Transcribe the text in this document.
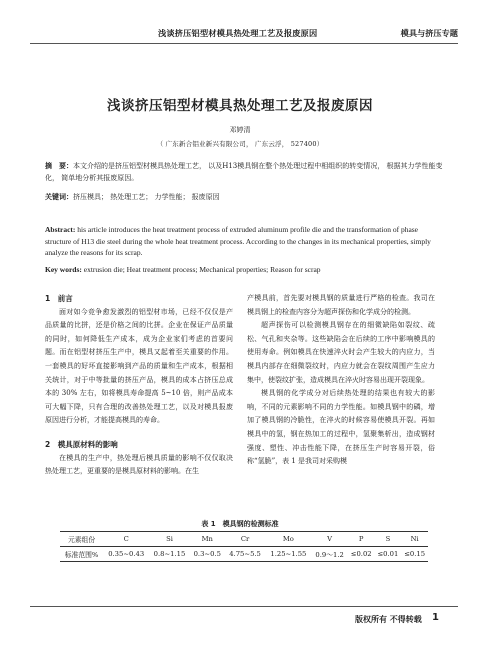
浅谈挤压铝型材模具热处理工艺及报废原因	模具与挤压专题
浅谈挤压铝型材模具热处理工艺及报废原因
邓婷清
（ 广东新合铝业新兴有限公司， 广东云浮， 527400）
摘　要：本文介绍的是挤压铝型材模具热处理工艺， 以及H13模具钢在整个热处理过程中相组织的转变情况， 根据其力学性能变化， 简单地分析其报废原因。
关键词：挤压模具； 热处理工艺； 力学性能； 报废原因
Abstract: his article introduces the heat treatment process of extruded aluminum profile die and the transformation of phase structure of H13 die steel during the whole heat treatment process. According to the changes in its mechanical properties, simply analyze the reasons for its scrap.
Key words: extrusion die; Heat treatment process; Mechanical properties; Reason for scrap

1　前言

面对如今竞争愈发激烈的铝型材市场，已经不仅仅是产品质量的比拼，还是价格之间的比拼。企业在保证产品质量的同时，如何降低生产成本，成为企业家们考虑的首要问题。而在铝型材挤压生产中，模具又起着至关重要的作用。一套模具的好坏直接影响到产品的质量和生产成本，根据相关统计，对于中等批量的挤压产品，模具的成本占挤压总成本的 30% 左右，如将模具寿命提高 5~10 倍，则产品成本可大幅下降，只有合理的改善热处理工艺，以及对模具报废原因进行分析，才能提高模具的寿命。

2　模具原材料的影响

在模具的生产中，热处理后模具质量的影响不仅仅取决热处理工艺，更重要的是模具原材料的影响。在生

产模具前，首先要对模具钢的质量进行严格的检查。我司在模具钢上的检查内容分为超声探伤和化学成分的检测。

超声探伤可以检测模具钢存在的细微缺陷如裂纹、疏松、气孔和夹杂等。这些缺陷会在后续的工序中影响模具的使用寿命。例如模具在快速淬火时会产生较大的内应力，当模具内部存在细微裂纹时，内应力就会在裂纹周围产生应力集中，使裂纹扩张，造成模具在淬火时容易出现开裂现象。

模具钢的化学成分对后续热处理的结果也有较大的影响，不同的元素影响不同的力学性能。如模具钢中的磷，增加了模具钢的冷脆性，在淬火的时候容易使模具开裂。再如模具中的氢，钢在热加工的过程中，氢聚集析出，造成钢材强度、塑性、冲击性能下降，在挤压生产时容易开裂，俗称“氢脆”，表 1 是我司对采购模

表 1　模具钢的检测标准
元素组份	C	Si	Mn	Cr	Mo	V	P	S	Ni
标准范围%	0.35~0.43	0.8~1.15	0.3~0.5	4.75~5.5	1.25~1.55	0.9～1.2	≤0.02	≤0.01	≤0.15
版权所有 不得转载 1
